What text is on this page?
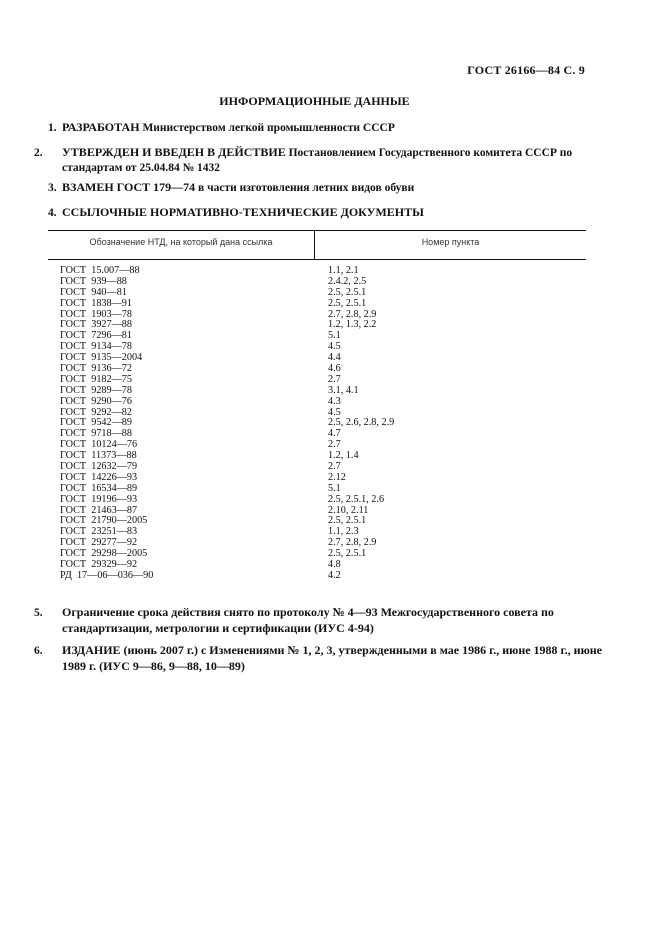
ГОСТ 26166—84 С. 9
ИНФОРМАЦИОННЫЕ ДАННЫЕ
1. РАЗРАБОТАН Министерством легкой промышленности СССР
2. УТВЕРЖДЕН И ВВЕДЕН В ДЕЙСТВИЕ Постановлением Государственного комитета СССР по стандартам от 25.04.84 № 1432
3. ВЗАМЕН ГОСТ 179—74 в части изготовления летних видов обуви
4. ССЫЛОЧНЫЕ НОРМАТИВНО-ТЕХНИЧЕСКИЕ ДОКУМЕНТЫ
Обозначение НТД, на который дана ссылка	Номер пункта
ГОСТ  15.007—88	1.1, 2.1
ГОСТ  939—88	2.4.2, 2.5
ГОСТ  940—81	2.5, 2.5.1
ГОСТ  1838—91	2.5, 2.5.1
ГОСТ  1903—78	2.7, 2.8, 2.9
ГОСТ  3927—88	1.2, 1.3, 2.2
ГОСТ  7296—81	5.1
ГОСТ  9134—78	4.5
ГОСТ  9135—2004	4.4
ГОСТ  9136—72	4.6
ГОСТ  9182—75	2.7
ГОСТ  9289—78	3.1, 4.1
ГОСТ  9290—76	4.3
ГОСТ  9292—82	4.5
ГОСТ  9542—89	2.5, 2.6, 2.8, 2.9
ГОСТ  9718—88	4.7
ГОСТ  10124—76	2.7
ГОСТ  11373—88	1.2, 1.4
ГОСТ  12632—79	2.7
ГОСТ  14226—93	2.12
ГОСТ  16534—89	5.1
ГОСТ  19196—93	2.5, 2.5.1, 2.6
ГОСТ  21463—87	2.10, 2.11
ГОСТ  21790—2005	2.5, 2.5.1
ГОСТ  23251—83	1.1, 2.3
ГОСТ  29277—92	2.7, 2.8, 2.9
ГОСТ  29298—2005	2.5, 2.5.1
ГОСТ  29329—92	4.8
РД  17—06—036—90	4.2
5. Ограничение срока действия снято по протоколу № 4—93 Межгосударственного совета по стандартизации, метрологии и сертификации (ИУС 4-94)
6. ИЗДАНИЕ (июнь 2007 г.) с Изменениями № 1, 2, 3, утвержденными в мае 1986 г., июне 1988 г., июне 1989 г. (ИУС 9—86, 9—88, 10—89)
